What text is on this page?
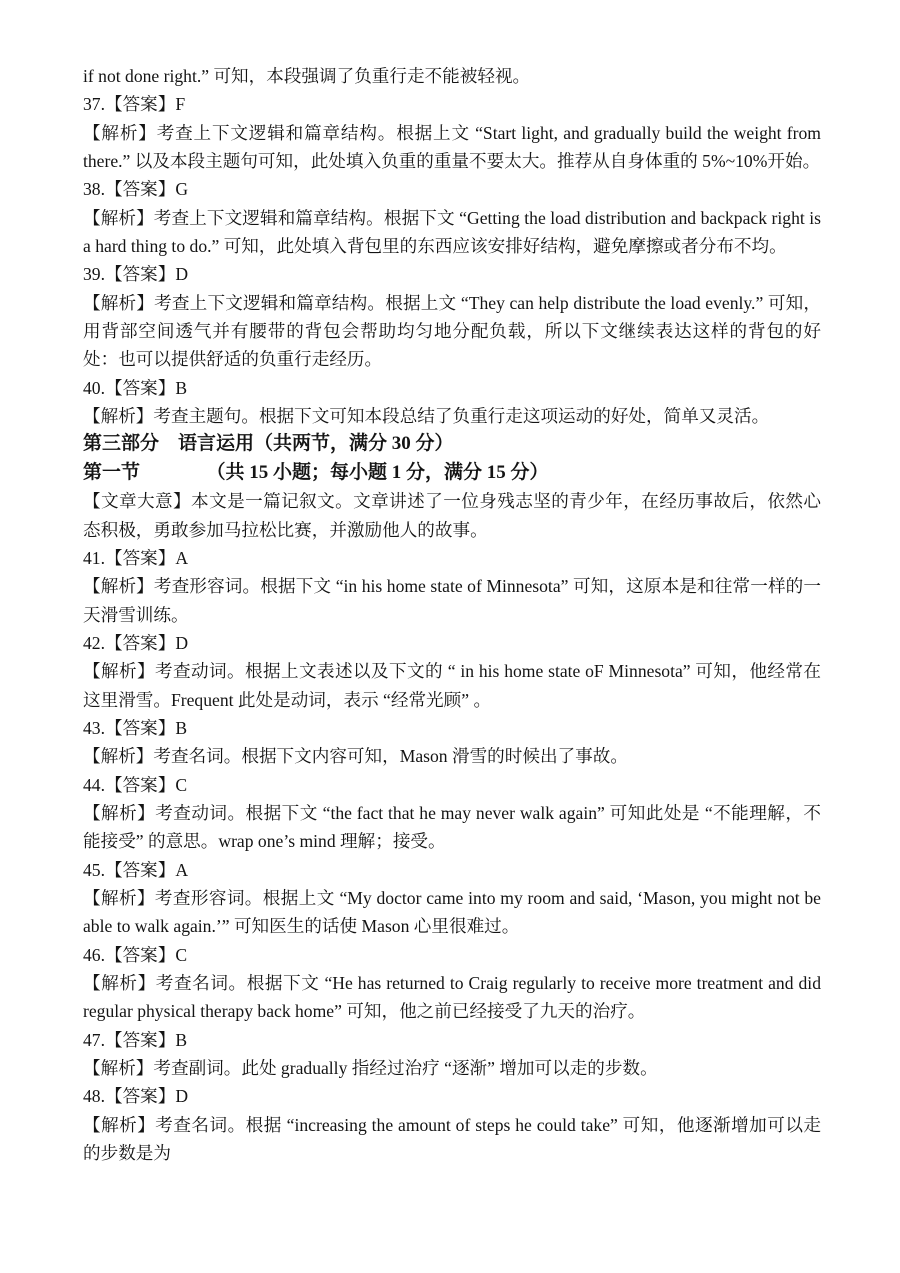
if not done right.” 可知，本段强调了负重行走不能被轻视。

37.【答案】F

【解析】考查上下文逻辑和篇章结构。根据上文 “Start light, and gradually build the weight from there.” 以及本段主题句可知，此处填入负重的重量不要太大。推荐从自身体重的 5%~10%开始。

38.【答案】G

【解析】考查上下文逻辑和篇章结构。根据下文 “Getting the load distribution and backpack right is a hard thing to do.” 可知，此处填入背包里的东西应该安排好结构，避免摩擦或者分布不均。

39.【答案】D

【解析】考查上下文逻辑和篇章结构。根据上文 “They can help distribute the load evenly.” 可知，用背部空间透气并有腰带的背包会帮助均匀地分配负载，所以下文继续表达这样的背包的好处：也可以提供舒适的负重行走经历。

40.【答案】B

【解析】考查主题句。根据下文可知本段总结了负重行走这项运动的好处，简单又灵活。

第三部分　语言运用（共两节，满分 30 分）

第一节　　　　（共 15 小题；每小题 1 分，满分 15 分）

【文章大意】本文是一篇记叙文。文章讲述了一位身残志坚的青少年，在经历事故后，依然心态积极，勇敢参加马拉松比赛，并激励他人的故事。

41.【答案】A

【解析】考查形容词。根据下文 “in his home state of Minnesota” 可知，这原本是和往常一样的一天滑雪训练。

42.【答案】D

【解析】考查动词。根据上文表述以及下文的 “ in his home state oF Minnesota” 可知，他经常在这里滑雪。Frequent 此处是动词，表示 “经常光顾” 。

43.【答案】B

【解析】考查名词。根据下文内容可知，Mason 滑雪的时候出了事故。

44.【答案】C

【解析】考查动词。根据下文 “the fact that he may never walk again” 可知此处是 “不能理解，不能接受” 的意思。wrap one’s mind 理解；接受。

45.【答案】A

【解析】考查形容词。根据上文 “My doctor came into my room and said, ‘Mason, you might not be able to walk again.’” 可知医生的话使 Mason 心里很难过。

46.【答案】C

【解析】考查名词。根据下文 “He has returned to Craig regularly to receive more treatment and did regular physical therapy back home” 可知，他之前已经接受了九天的治疗。

47.【答案】B

【解析】考查副词。此处 gradually 指经过治疗 “逐渐” 增加可以走的步数。

48.【答案】D

【解析】考查名词。根据 “increasing the amount of steps he could take” 可知，他逐渐增加可以走的步数是为
